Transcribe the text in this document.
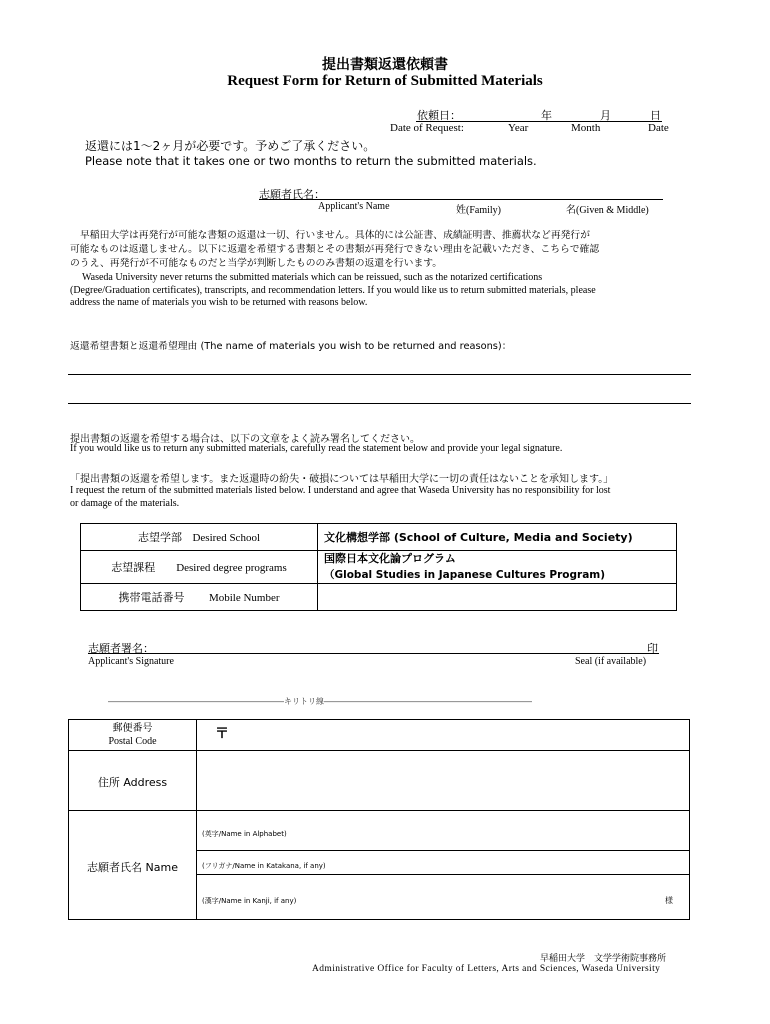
提出書類返還依頼書
Request Form for Return of Submitted Materials
依頼日：	年	月	日
Date of Request:	Year	Month	Date
返還には1〜2ヶ月が必要です。予めご了承ください。
Please note that it takes one or two months to return the submitted materials.
志願者氏名：
Applicant's Name	姓(Family)	名(Given & Middle)
早稲田大学は再発行が可能な書類の返還は一切、行いません。具体的には公証書、成績証明書、推薦状など再発行が
可能なものは返還しません。以下に返還を希望する書類とその書類が再発行できない理由を記載いただき、こちらで確認
のうえ、再発行が不可能なものだと当学が判断したもののみ書類の返還を行います。
Waseda University never returns the submitted materials which can be reissued, such as the notarized certifications
(Degree/Graduation certificates), transcripts, and recommendation letters. If you would like us to return submitted materials, please
address the name of materials you wish to be returned with reasons below.
返還希望書類と返還希望理由 (The name of materials you wish to be returned and reasons)：
提出書類の返還を希望する場合は、以下の文章をよく読み署名してください。
If you would like us to return any submitted materials, carefully read the statement below and provide your legal signature.
「提出書類の返還を希望します。また返還時の紛失・破損については早稲田大学に一切の責任はないことを承知します。」
I request the return of the submitted materials listed below. I understand and agree that Waseda University has no responsibility for lost
or damage of the materials.
志望学部 Desired School	文化構想学部 (School of Culture, Media and Society)
志望課程 Desired degree programs	国際日本文化論プログラム
（Global Studies in Japanese Cultures Program)

携帯電話番号 Mobile Number	
志願者署名：	印
Applicant's Signature	Seal (if available)
――――――――――――――――――――――キリトリ線――――――――――――――――――――――――――
郵便番号
Postal Code	〒	
住所 Address		
志願者氏名 Name	(英字/Name in Alphabet)	
	(フリガナ/Name in Katakana, if any)	
	(漢字/Name in Kanji, if any)	様
早稲田大学　文学学術院事務所
Administrative Office for Faculty of Letters, Arts and Sciences, Waseda University
